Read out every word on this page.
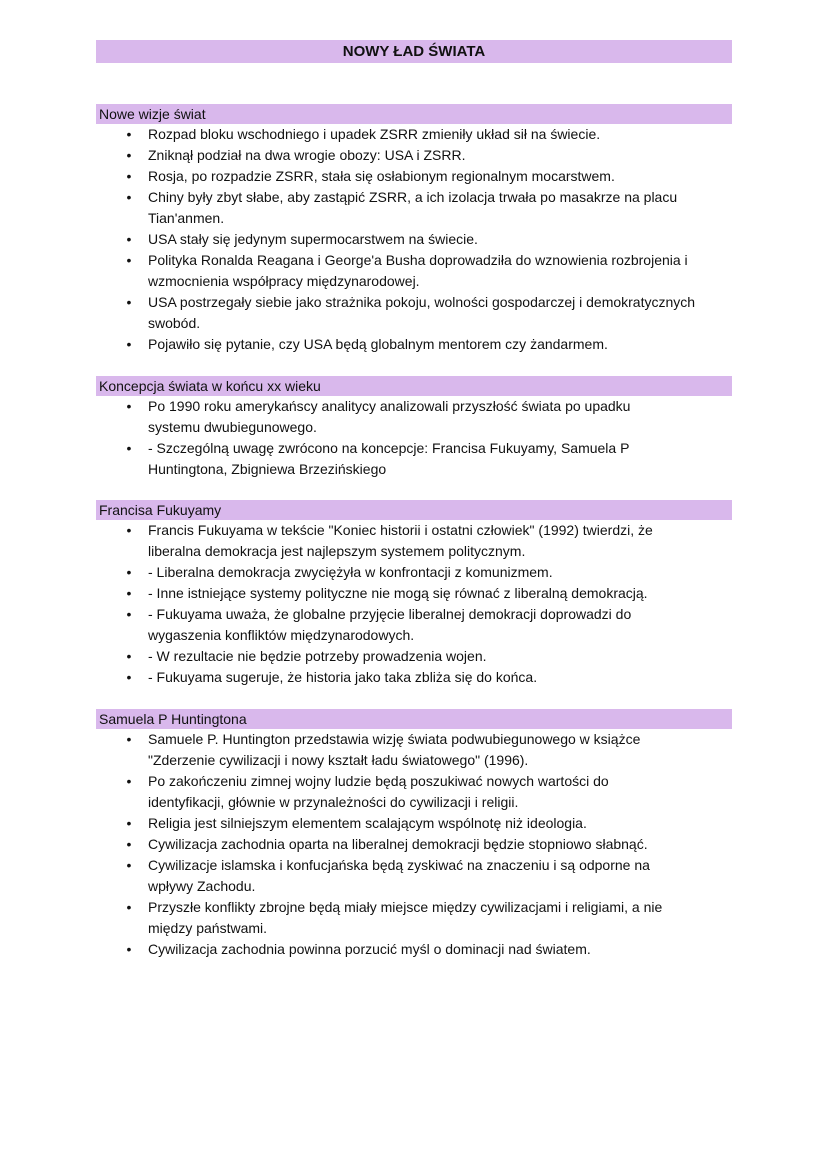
NOWY ŁAD ŚWIATA
Nowe wizje świat
• Rozpad bloku wschodniego i upadek ZSRR zmieniły układ sił na świecie.
• Zniknął podział na dwa wrogie obozy: USA i ZSRR.
• Rosja, po rozpadzie ZSRR, stała się osłabionym regionalnym mocarstwem.
• Chiny były zbyt słabe, aby zastąpić ZSRR, a ich izolacja trwała po masakrze na placu
Tian'anmen.
• USA stały się jedynym supermocarstwem na świecie.
• Polityka Ronalda Reagana i George'a Busha doprowadziła do wznowienia rozbrojenia i
wzmocnienia współpracy międzynarodowej.
• USA postrzegały siebie jako strażnika pokoju, wolności gospodarczej i demokratycznych
swobód.
• Pojawiło się pytanie, czy USA będą globalnym mentorem czy żandarmem.
Koncepcja świata w końcu xx wieku
• Po 1990 roku amerykańscy analitycy analizowali przyszłość świata po upadku
systemu dwubiegunowego.
• - Szczególną uwagę zwrócono na koncepcje: Francisa Fukuyamy, Samuela P
Huntingtona, Zbigniewa Brzezińskiego
Francisa Fukuyamy
• Francis Fukuyama w tekście "Koniec historii i ostatni człowiek" (1992) twierdzi, że
liberalna demokracja jest najlepszym systemem politycznym.
• - Liberalna demokracja zwyciężyła w konfrontacji z komunizmem.
• - Inne istniejące systemy polityczne nie mogą się równać z liberalną demokracją.
• - Fukuyama uważa, że globalne przyjęcie liberalnej demokracji doprowadzi do
wygaszenia konfliktów międzynarodowych.
• - W rezultacie nie będzie potrzeby prowadzenia wojen.
• - Fukuyama sugeruje, że historia jako taka zbliża się do końca.
Samuela P Huntingtona
• Samuele P. Huntington przedstawia wizję świata podwubiegunowego w książce
"Zderzenie cywilizacji i nowy kształt ładu światowego" (1996).
• Po zakończeniu zimnej wojny ludzie będą poszukiwać nowych wartości do
identyfikacji, głównie w przynależności do cywilizacji i religii.
• Religia jest silniejszym elementem scalającym wspólnotę niż ideologia.
• Cywilizacja zachodnia oparta na liberalnej demokracji będzie stopniowo słabnąć.
• Cywilizacje islamska i konfucjańska będą zyskiwać na znaczeniu i są odporne na
wpływy Zachodu.
• Przyszłe konflikty zbrojne będą miały miejsce między cywilizacjami i religiami, a nie
między państwami.
• Cywilizacja zachodnia powinna porzucić myśl o dominacji nad światem.
